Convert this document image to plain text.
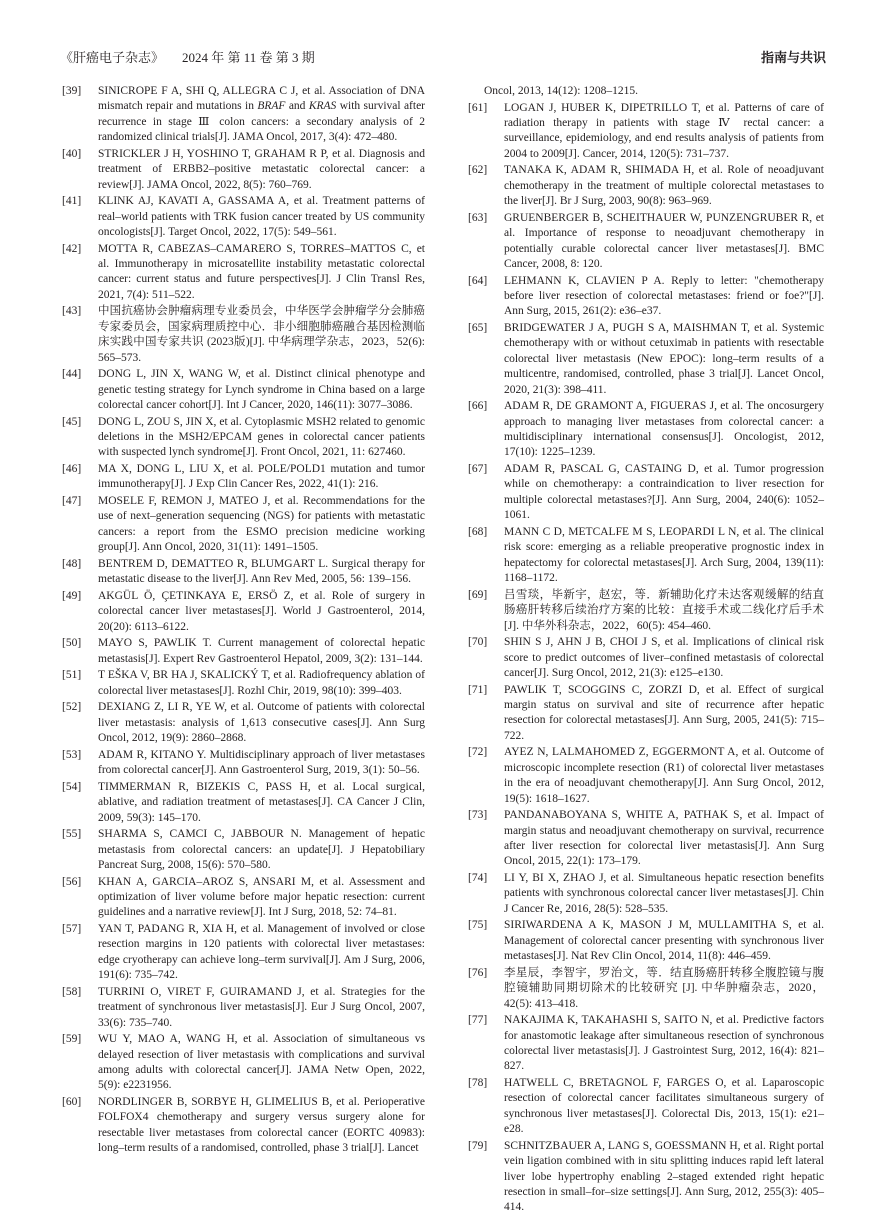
《肝癌电子杂志》 2024 年 第 11 卷 第 3 期	指南与共识
[39]	SINICROPE F A, SHI Q, ALLEGRA C J, et al. Association of DNA mismatch repair and mutations in BRAF and KRAS with survival after recurrence in stage Ⅲ colon cancers: a secondary analysis of 2 randomized clinical trials[J]. JAMA Oncol, 2017, 3(4): 472–480.
[40]	STRICKLER J H, YOSHINO T, GRAHAM R P, et al. Diagnosis and treatment of ERBB2–positive metastatic colorectal cancer: a review[J]. JAMA Oncol, 2022, 8(5): 760–769.
[41]	KLINK AJ, KAVATI A, GASSAMA A, et al. Treatment patterns of real–world patients with TRK fusion cancer treated by US community oncologists[J]. Target Oncol, 2022, 17(5): 549–561.
[42]	MOTTA R, CABEZAS–CAMARERO S, TORRES–MATTOS C, et al. Immunotherapy in microsatellite instability metastatic colorectal cancer: current status and future perspectives[J]. J Clin Transl Res, 2021, 7(4): 511–522.
[43]	中国抗癌协会肿瘤病理专业委员会，中华医学会肿瘤学分会肺癌专家委员会，国家病理质控中心．非小细胞肺癌融合基因检测临床实践中国专家共识 (2023版)[J]. 中华病理学杂志，2023，52(6): 565–573.
[44]	DONG L, JIN X, WANG W, et al. Distinct clinical phenotype and genetic testing strategy for Lynch syndrome in China based on a large colorectal cancer cohort[J]. Int J Cancer, 2020, 146(11): 3077–3086.
[45]	DONG L, ZOU S, JIN X, et al. Cytoplasmic MSH2 related to genomic deletions in the MSH2/EPCAM genes in colorectal cancer patients with suspected lynch syndrome[J]. Front Oncol, 2021, 11: 627460.
[46]	MA X, DONG L, LIU X, et al. POLE/POLD1 mutation and tumor immunotherapy[J]. J Exp Clin Cancer Res, 2022, 41(1): 216.
[47]	MOSELE F, REMON J, MATEO J, et al. Recommendations for the use of next–generation sequencing (NGS) for patients with metastatic cancers: a report from the ESMO precision medicine working group[J]. Ann Oncol, 2020, 31(11): 1491–1505.
[48]	BENTREM D, DEMATTEO R, BLUMGART L. Surgical therapy for metastatic disease to the liver[J]. Ann Rev Med, 2005, 56: 139–156.
[49]	AKGÜL Ö, ÇETINKAYA E, ERSÖ Z, et al. Role of surgery in colorectal cancer liver metastases[J]. World J Gastroenterol, 2014, 20(20): 6113–6122.
[50]	MAYO S, PAWLIK T. Current management of colorectal hepatic metastasis[J]. Expert Rev Gastroenterol Hepatol, 2009, 3(2): 131–144.
[51]	T EŠKA V, BR HA J, SKALICKÝ T, et al. Radiofrequency ablation of colorectal liver metastases[J]. Rozhl Chir, 2019, 98(10): 399–403.
[52]	DEXIANG Z, LI R, YE W, et al. Outcome of patients with colorectal liver metastasis: analysis of 1,613 consecutive cases[J]. Ann Surg Oncol, 2012, 19(9): 2860–2868.
[53]	ADAM R, KITANO Y. Multidisciplinary approach of liver metastases from colorectal cancer[J]. Ann Gastroenterol Surg, 2019, 3(1): 50–56.
[54]	TIMMERMAN R, BIZEKIS C, PASS H, et al. Local surgical, ablative, and radiation treatment of metastases[J]. CA Cancer J Clin, 2009, 59(3): 145–170.
[55]	SHARMA S, CAMCI C, JABBOUR N. Management of hepatic metastasis from colorectal cancers: an update[J]. J Hepatobiliary Pancreat Surg, 2008, 15(6): 570–580.
[56]	KHAN A, GARCIA–AROZ S, ANSARI M, et al. Assessment and optimization of liver volume before major hepatic resection: current guidelines and a narrative review[J]. Int J Surg, 2018, 52: 74–81.
[57]	YAN T, PADANG R, XIA H, et al. Management of involved or close resection margins in 120 patients with colorectal liver metastases: edge cryotherapy can achieve long–term survival[J]. Am J Surg, 2006, 191(6): 735–742.
[58]	TURRINI O, VIRET F, GUIRAMAND J, et al. Strategies for the treatment of synchronous liver metastasis[J]. Eur J Surg Oncol, 2007, 33(6): 735–740.
[59]	WU Y, MAO A, WANG H, et al. Association of simultaneous vs delayed resection of liver metastasis with complications and survival among adults with colorectal cancer[J]. JAMA Netw Open, 2022, 5(9): e2231956.
[60]	NORDLINGER B, SORBYE H, GLIMELIUS B, et al. Perioperative FOLFOX4 chemotherapy and surgery versus surgery alone for resectable liver metastases from colorectal cancer (EORTC 40983): long–term results of a randomised, controlled, phase 3 trial[J]. Lancet
Oncol, 2013, 14(12): 1208–1215.
[61]	LOGAN J, HUBER K, DIPETRILLO T, et al. Patterns of care of radiation therapy in patients with stage Ⅳ rectal cancer: a surveillance, epidemiology, and end results analysis of patients from 2004 to 2009[J]. Cancer, 2014, 120(5): 731–737.
[62]	TANAKA K, ADAM R, SHIMADA H, et al. Role of neoadjuvant chemotherapy in the treatment of multiple colorectal metastases to the liver[J]. Br J Surg, 2003, 90(8): 963–969.
[63]	GRUENBERGER B, SCHEITHAUER W, PUNZENGRUBER R, et al. Importance of response to neoadjuvant chemotherapy in potentially curable colorectal cancer liver metastases[J]. BMC Cancer, 2008, 8: 120.
[64]	LEHMANN K, CLAVIEN P A. Reply to letter: "chemotherapy before liver resection of colorectal metastases: friend or foe?"[J]. Ann Surg, 2015, 261(2): e36–e37.
[65]	BRIDGEWATER J A, PUGH S A, MAISHMAN T, et al. Systemic chemotherapy with or without cetuximab in patients with resectable colorectal liver metastasis (New EPOC): long–term results of a multicentre, randomised, controlled, phase 3 trial[J]. Lancet Oncol, 2020, 21(3): 398–411.
[66]	ADAM R, DE GRAMONT A, FIGUERAS J, et al. The oncosurgery approach to managing liver metastases from colorectal cancer: a multidisciplinary international consensus[J]. Oncologist, 2012, 17(10): 1225–1239.
[67]	ADAM R, PASCAL G, CASTAING D, et al. Tumor progression while on chemotherapy: a contraindication to liver resection for multiple colorectal metastases?[J]. Ann Surg, 2004, 240(6): 1052–1061.
[68]	MANN C D, METCALFE M S, LEOPARDI L N, et al. The clinical risk score: emerging as a reliable preoperative prognostic index in hepatectomy for colorectal metastases[J]. Arch Surg, 2004, 139(11): 1168–1172.
[69]	吕雪琰，毕新宇，赵宏，等．新辅助化疗未达客观缓解的结直肠癌肝转移后续治疗方案的比较：直接手术或二线化疗后手术 [J]. 中华外科杂志，2022，60(5): 454–460.
[70]	SHIN S J, AHN J B, CHOI J S, et al. Implications of clinical risk score to predict outcomes of liver–confined metastasis of colorectal cancer[J]. Surg Oncol, 2012, 21(3): e125–e130.
[71]	PAWLIK T, SCOGGINS C, ZORZI D, et al. Effect of surgical margin status on survival and site of recurrence after hepatic resection for colorectal metastases[J]. Ann Surg, 2005, 241(5): 715–722.
[72]	AYEZ N, LALMAHOMED Z, EGGERMONT A, et al. Outcome of microscopic incomplete resection (R1) of colorectal liver metastases in the era of neoadjuvant chemotherapy[J]. Ann Surg Oncol, 2012, 19(5): 1618–1627.
[73]	PANDANABOYANA S, WHITE A, PATHAK S, et al. Impact of margin status and neoadjuvant chemotherapy on survival, recurrence after liver resection for colorectal liver metastasis[J]. Ann Surg Oncol, 2015, 22(1): 173–179.
[74]	LI Y, BI X, ZHAO J, et al. Simultaneous hepatic resection benefits patients with synchronous colorectal cancer liver metastases[J]. Chin J Cancer Re, 2016, 28(5): 528–535.
[75]	SIRIWARDENA A K, MASON J M, MULLAMITHA S, et al. Management of colorectal cancer presenting with synchronous liver metastases[J]. Nat Rev Clin Oncol, 2014, 11(8): 446–459.
[76]	李星辰，李智宇，罗治文，等．结直肠癌肝转移全腹腔镜与腹腔镜辅助同期切除术的比较研究 [J]. 中华肿瘤杂志，2020，42(5): 413–418.
[77]	NAKAJIMA K, TAKAHASHI S, SAITO N, et al. Predictive factors for anastomotic leakage after simultaneous resection of synchronous colorectal liver metastasis[J]. J Gastrointest Surg, 2012, 16(4): 821–827.
[78]	HATWELL C, BRETAGNOL F, FARGES O, et al. Laparoscopic resection of colorectal cancer facilitates simultaneous surgery of synchronous liver metastases[J]. Colorectal Dis, 2013, 15(1): e21–e28.
[79]	SCHNITZBAUER A, LANG S, GOESSMANN H, et al. Right portal vein ligation combined with in situ splitting induces rapid left lateral liver lobe hypertrophy enabling 2–staged extended right hepatic resection in small–for–size settings[J]. Ann Surg, 2012, 255(3): 405–414.
